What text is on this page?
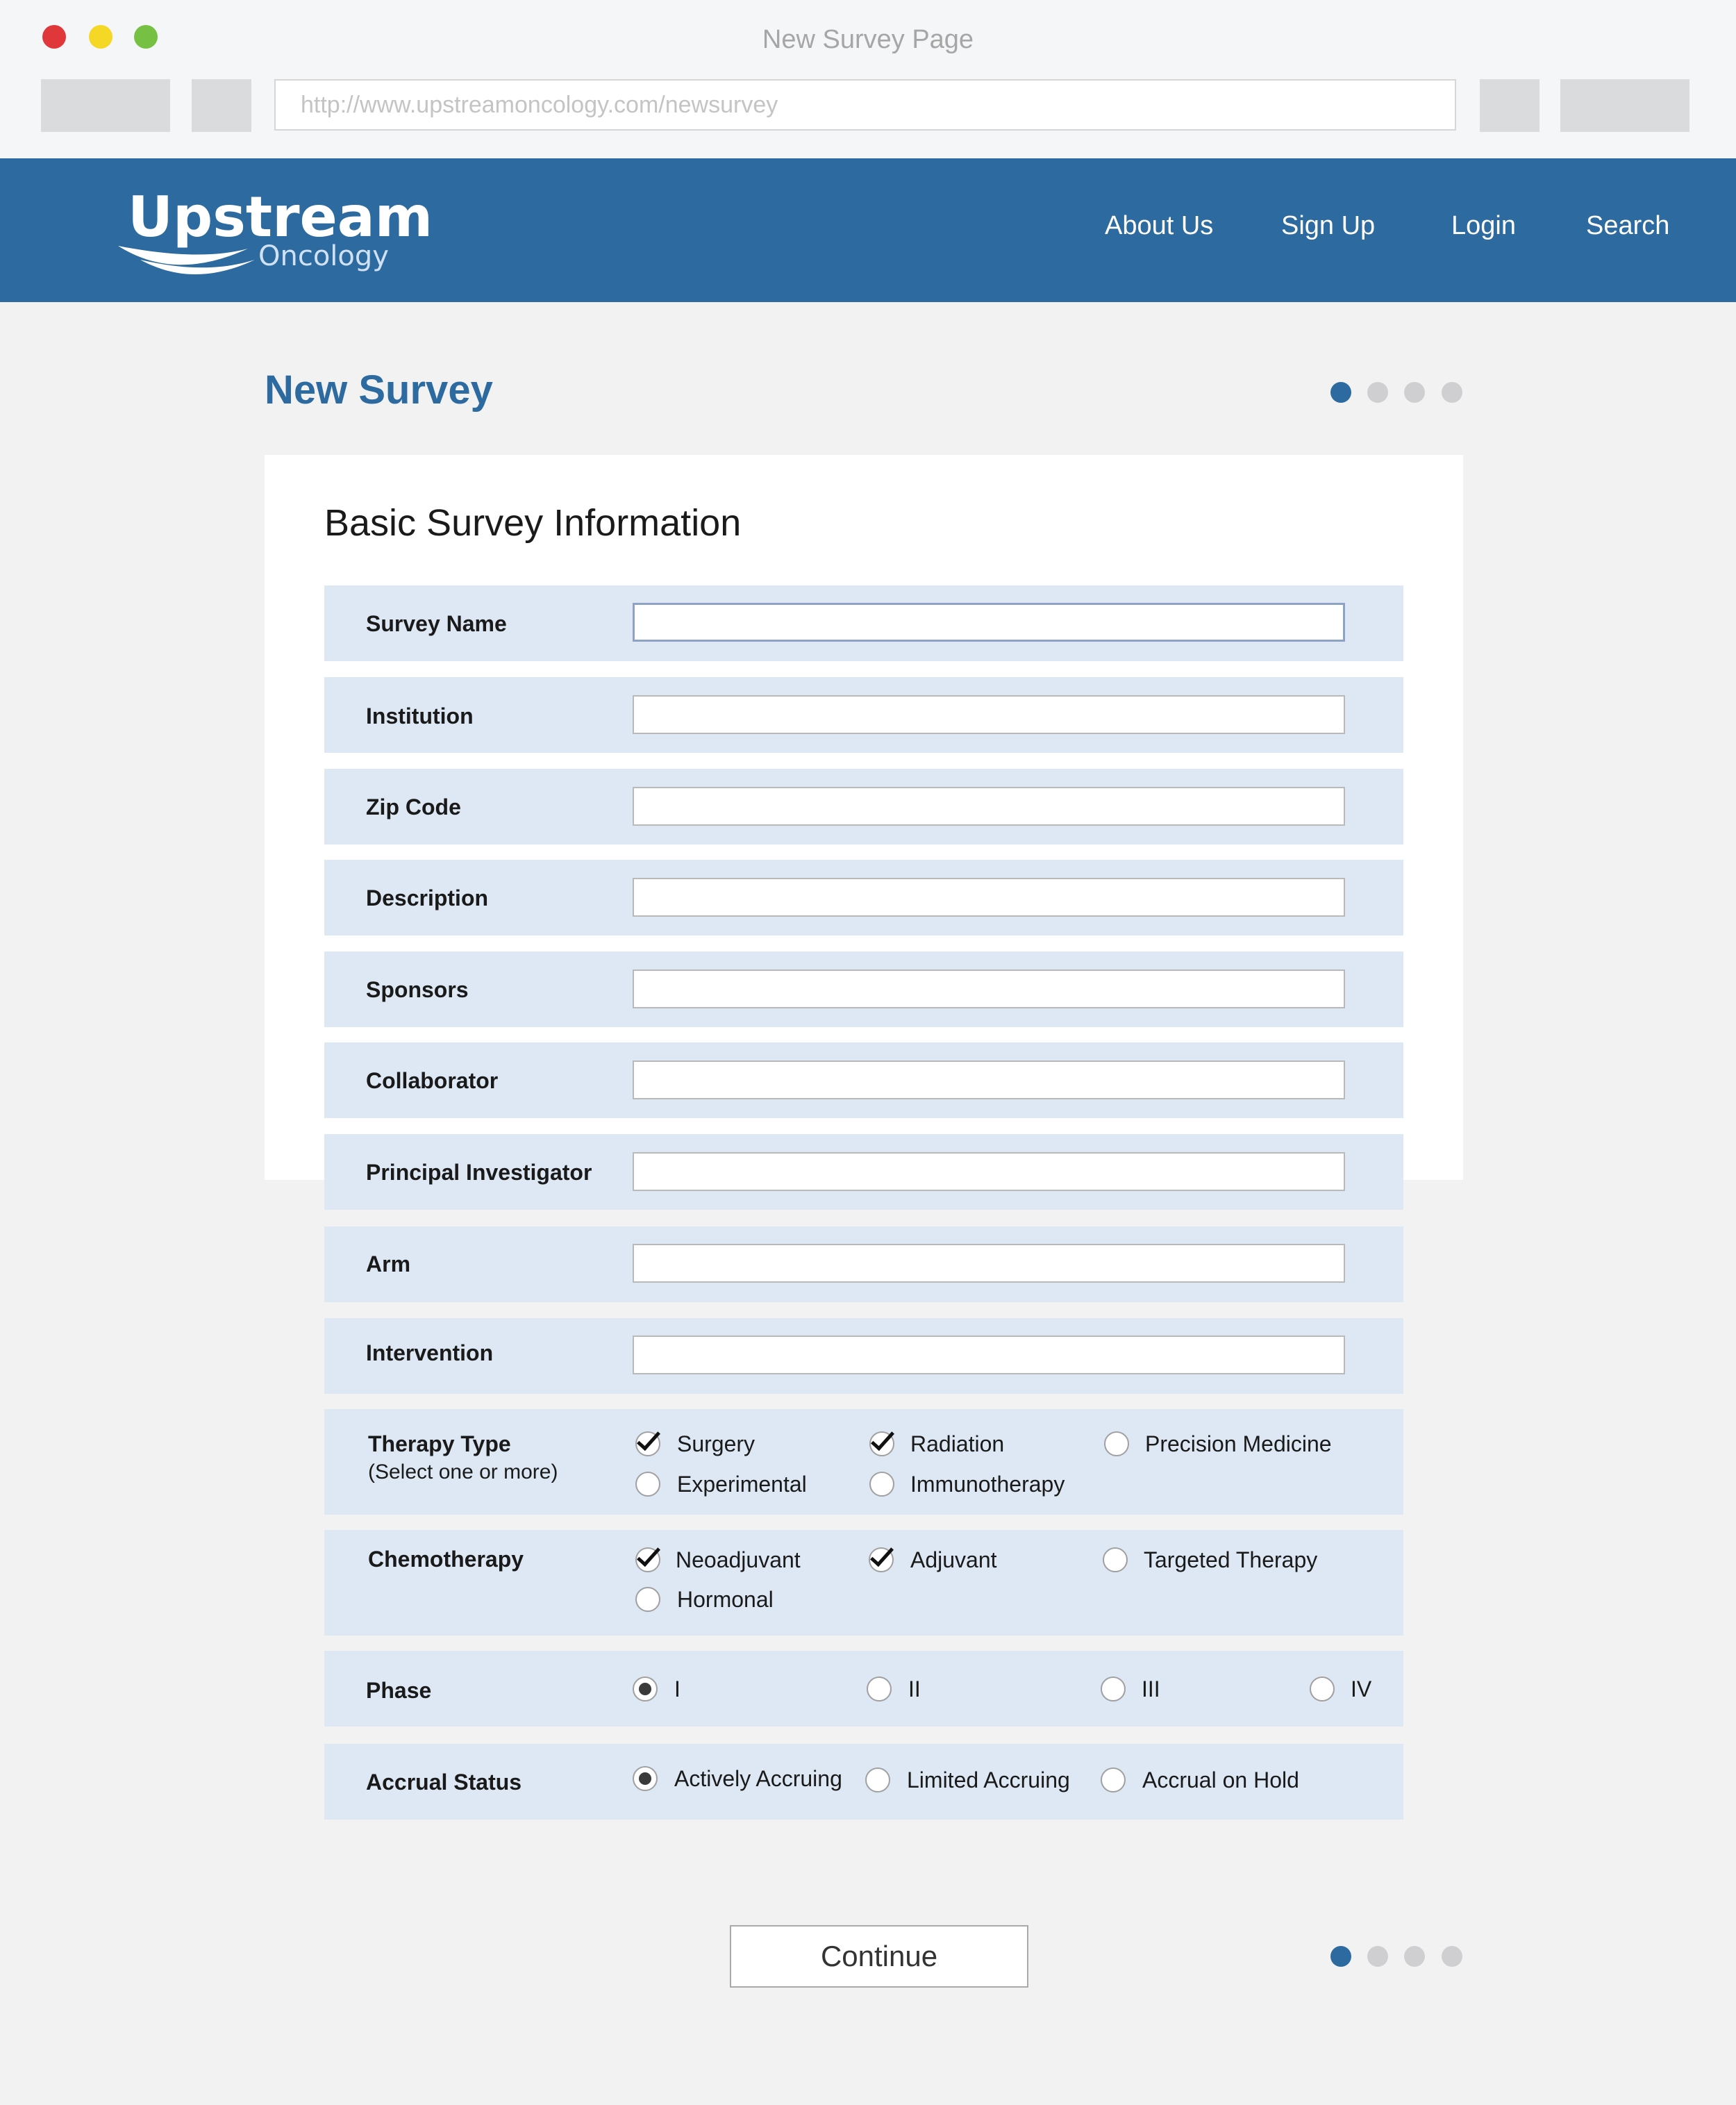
New Survey Page
http://www.upstreamoncology.com/newsurvey
Upstream
Oncology
About Us	Sign Up	Login	Search
New Survey
Basic Survey Information
Survey Name
Institution
Zip Code
Description
Sponsors
Collaborator
Principal Investigator
Arm
Intervention
Therapy Type
(Select one or more)
Surgery	Radiation	Precision Medicine
Experimental	Immunotherapy
Chemotherapy	Neoadjuvant	Adjuvant	Targeted Therapy
Hormonal
Phase	I	II	III	IV
Accrual Status	Actively Accruing	Limited Accruing	Accrual on Hold
Continue
